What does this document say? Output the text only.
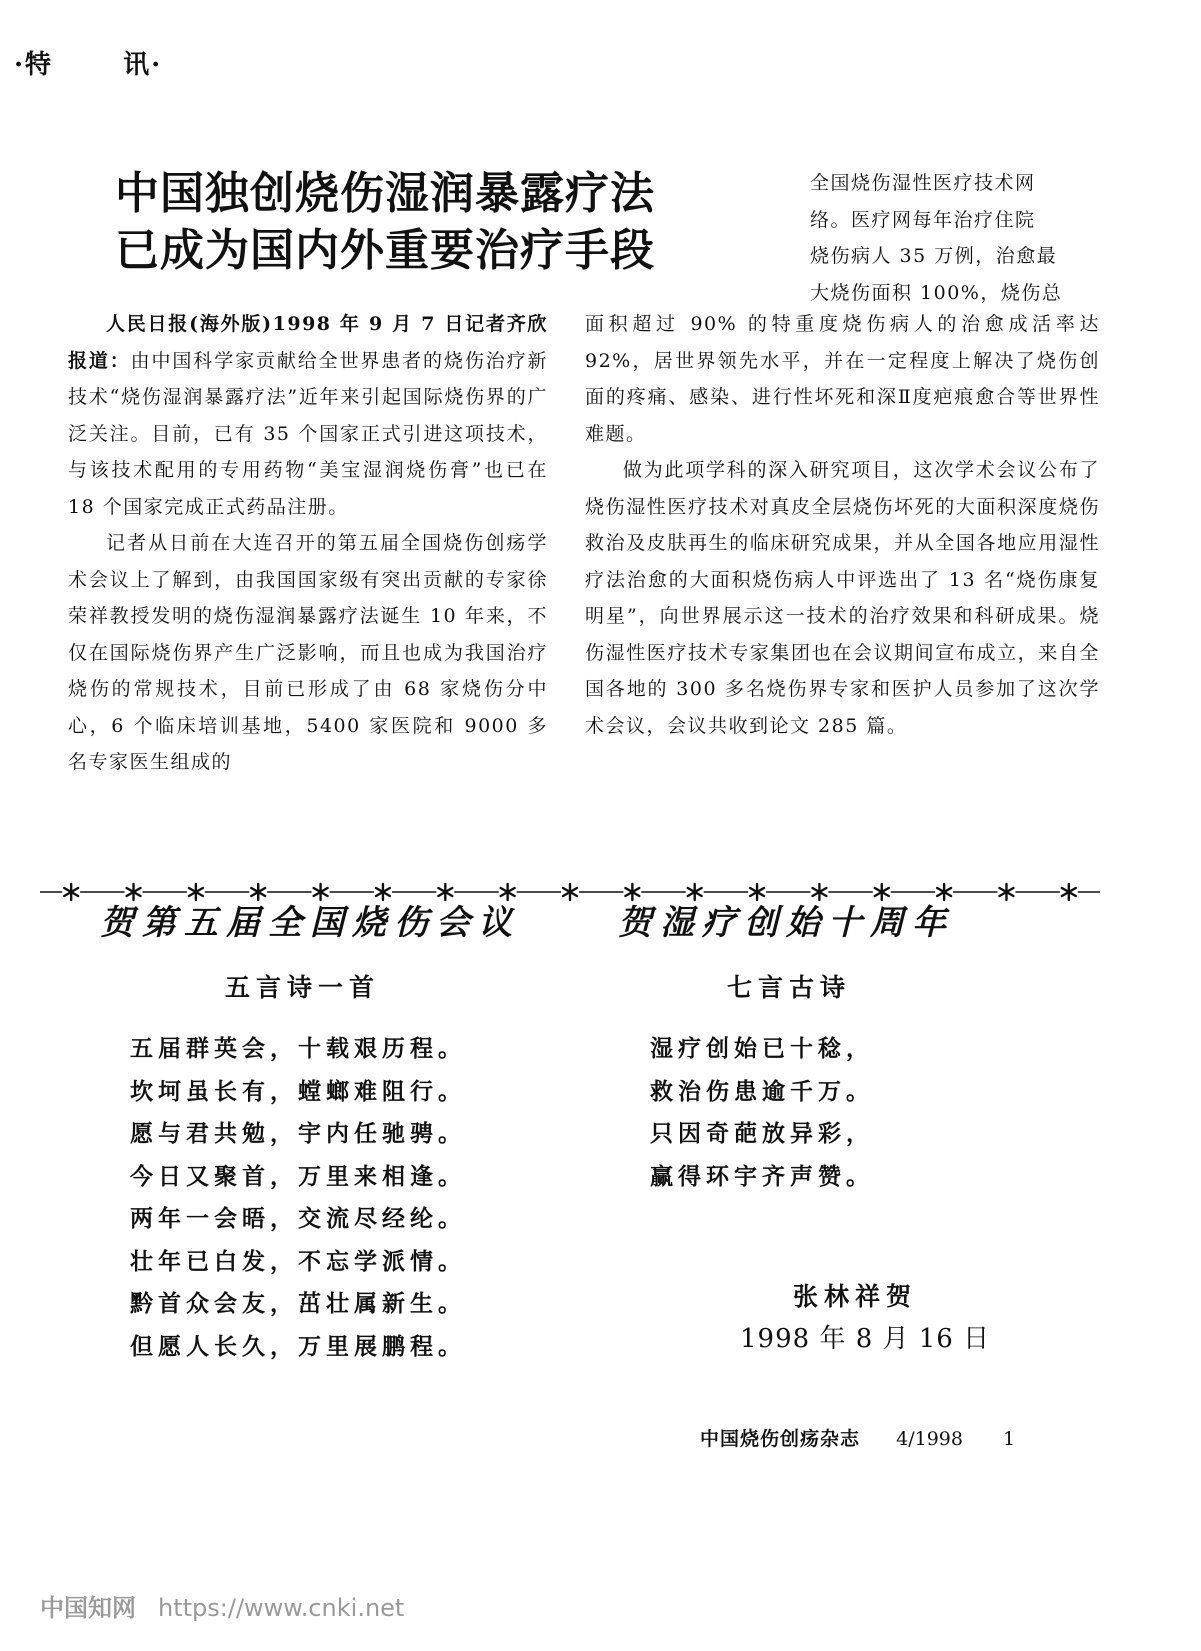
·特	讯·
中国独创烧伤湿润暴露疗法
已成为国内外重要治疗手段
全国烧伤湿性医疗技术网
络。医疗网每年治疗住院
烧伤病人 35 万例，治愈最
大烧伤面积 100%，烧伤总

人民日报(海外版)1998 年 9 月 7 日记者齐欣报道：由中国科学家贡献给全世界患者的烧伤治疗新技术“烧伤湿润暴露疗法”近年来引起国际烧伤界的广泛关注。目前，已有 35 个国家正式引进这项技术，与该技术配用的专用药物“美宝湿润烧伤膏”也已在 18 个国家完成正式药品注册。

记者从日前在大连召开的第五届全国烧伤创疡学术会议上了解到，由我国国家级有突出贡献的专家徐荣祥教授发明的烧伤湿润暴露疗法诞生 10 年来，不仅在国际烧伤界产生广泛影响，而且也成为我国治疗烧伤的常规技术，目前已形成了由 68 家烧伤分中心，6 个临床培训基地，5400 家医院和 9000 多名专家医生组成的

面积超过 90% 的特重度烧伤病人的治愈成活率达 92%，居世界领先水平，并在一定程度上解决了烧伤创面的疼痛、感染、进行性坏死和深Ⅱ度疤痕愈合等世界性难题。

做为此项学科的深入研究项目，这次学术会议公布了烧伤湿性医疗技术对真皮全层烧伤坏死的大面积深度烧伤救治及皮肤再生的临床研究成果，并从全国各地应用湿性疗法治愈的大面积烧伤病人中评选出了 13 名“烧伤康复明星”，向世界展示这一技术的治疗效果和科研成果。烧伤湿性医疗技术专家集团也在会议期间宣布成立，来自全国各地的 300 多名烧伤界专家和医护人员参加了这次学术会议，会议共收到论文 285 篇。

贺第五届全国烧伤会议
五言诗一首
五届群英会，十载艰历程。
坎坷虽长有，螳螂难阻行。
愿与君共勉，宇内任驰骋。
今日又聚首，万里来相逢。
两年一会晤，交流尽经纶。
壮年已白发，不忘学派情。
黔首众会友，茁壮属新生。
但愿人长久，万里展鹏程。
贺湿疗创始十周年
七言古诗
湿疗创始已十稔，
救治伤患逾千万。
只因奇葩放异彩，
赢得环宇齐声赞。
张林祥贺
1998 年 8 月 16 日
中国烧伤创疡杂志 4/1998 1
中国知网 https://www.cnki.net
